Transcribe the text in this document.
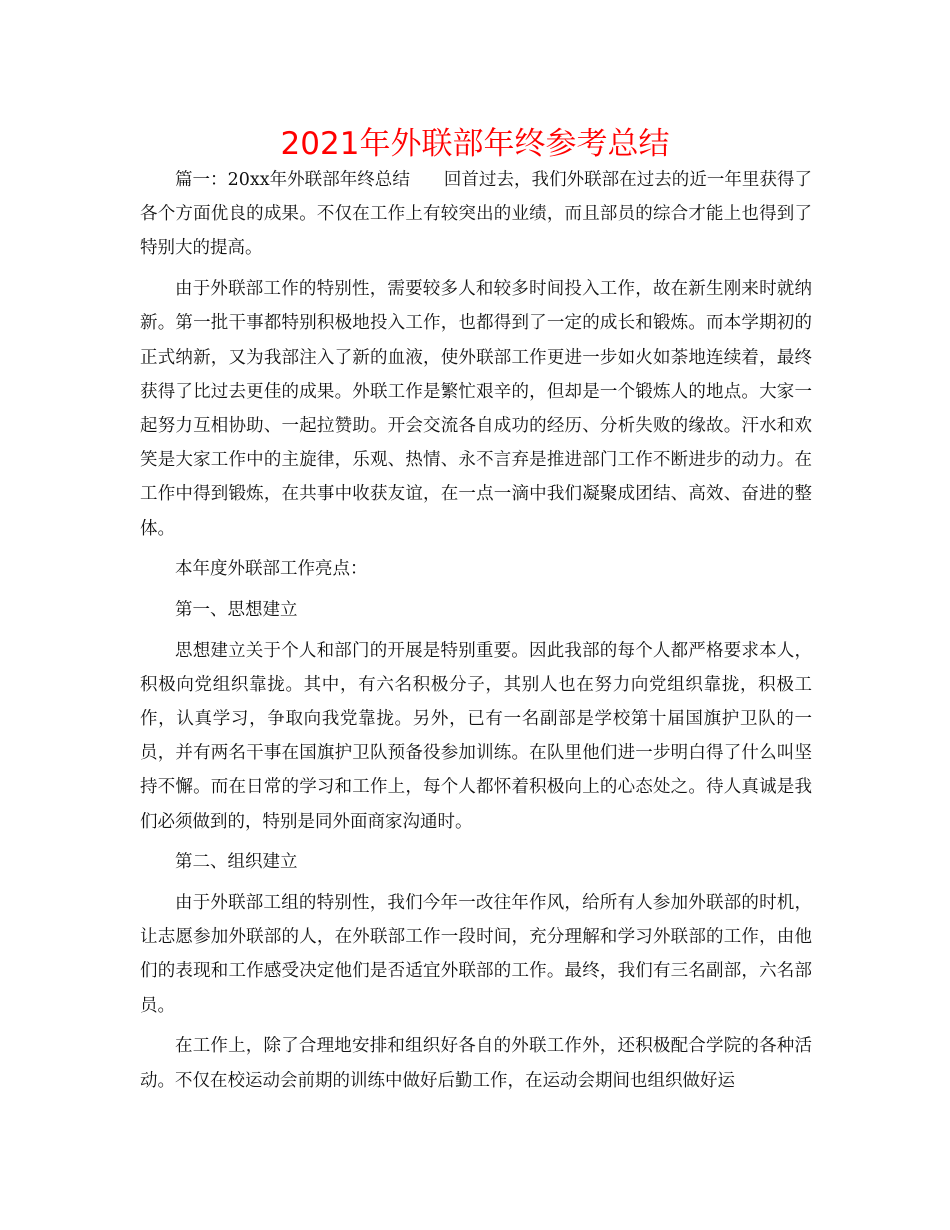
2021年外联部年终参考总结

篇一：20xx年外联部年终总结 回首过去，我们外联部在过去的近一年里获得了各个方面优良的成果。不仅在工作上有较突出的业绩，而且部员的综合才能上也得到了特别大的提高。

由于外联部工作的特别性，需要较多人和较多时间投入工作，故在新生刚来时就纳新。第一批干事都特别积极地投入工作，也都得到了一定的成长和锻炼。而本学期初的正式纳新，又为我部注入了新的血液，使外联部工作更进一步如火如荼地连续着，最终获得了比过去更佳的成果。外联工作是繁忙艰辛的，但却是一个锻炼人的地点。大家一起努力互相协助、一起拉赞助。开会交流各自成功的经历、分析失败的缘故。汗水和欢笑是大家工作中的主旋律，乐观、热情、永不言弃是推进部门工作不断进步的动力。在工作中得到锻炼，在共事中收获友谊，在一点一滴中我们凝聚成团结、高效、奋进的整体。

本年度外联部工作亮点：

第一、思想建立

思想建立关于个人和部门的开展是特别重要。因此我部的每个人都严格要求本人，积极向党组织靠拢。其中，有六名积极分子，其别人也在努力向党组织靠拢，积极工作，认真学习，争取向我党靠拢。另外，已有一名副部是学校第十届国旗护卫队的一员，并有两名干事在国旗护卫队预备役参加训练。在队里他们进一步明白得了什么叫坚持不懈。而在日常的学习和工作上，每个人都怀着积极向上的心态处之。待人真诚是我们必须做到的，特别是同外面商家沟通时。

第二、组织建立

由于外联部工组的特别性，我们今年一改往年作风，给所有人参加外联部的时机，让志愿参加外联部的人，在外联部工作一段时间，充分理解和学习外联部的工作，由他们的表现和工作感受决定他们是否适宜外联部的工作。最终，我们有三名副部，六名部员。

在工作上，除了合理地安排和组织好各自的外联工作外，还积极配合学院的各种活动。不仅在校运动会前期的训练中做好后勤工作，在运动会期间也组织做好运
